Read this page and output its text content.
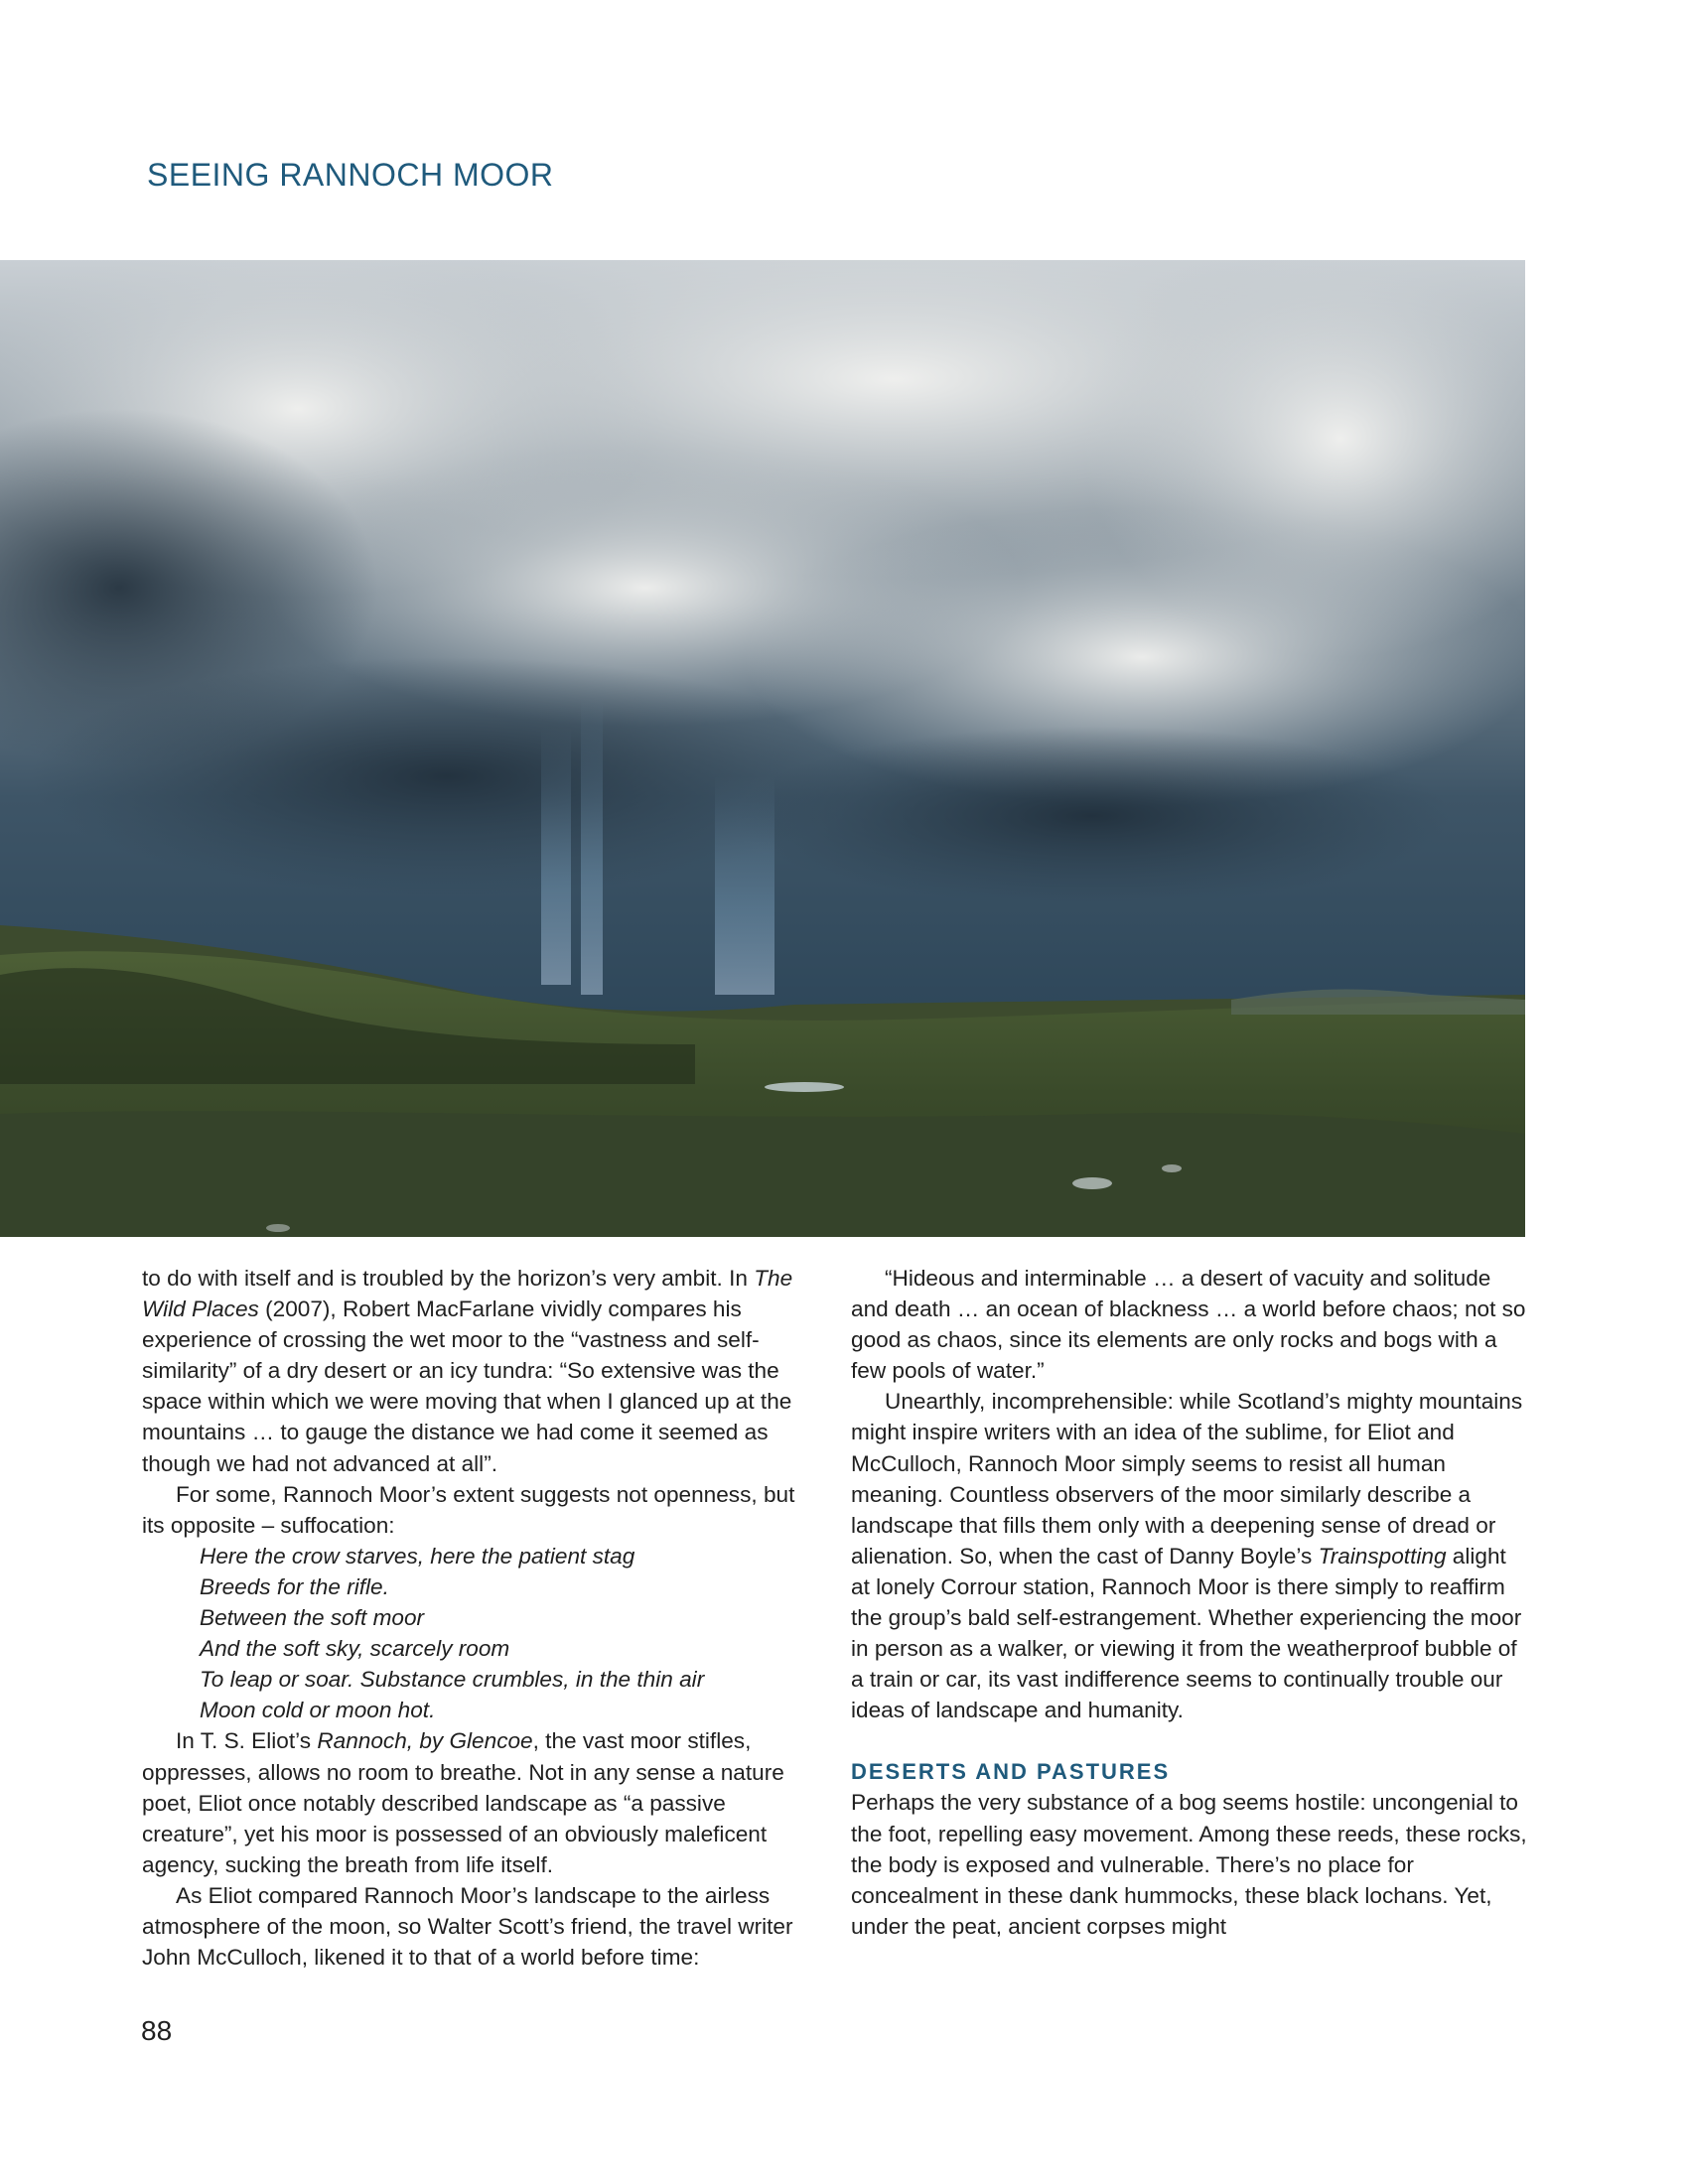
SEEING RANNOCH MOOR

to do with itself and is troubled by the horizon’s very ambit. In The Wild Places (2007), Robert MacFarlane vividly compares his experience of crossing the wet moor to the “vastness and self-similarity” of a dry desert or an icy tundra: “So extensive was the space within which we were moving that when I glanced up at the mountains … to gauge the distance we had come it seemed as though we had not advanced at all”.

For some, Rannoch Moor’s extent suggests not openness, but its opposite – suffocation:

Here the crow starves, here the patient stag
Breeds for the rifle.
Between the soft moor
And the soft sky, scarcely room
To leap or soar. Substance crumbles, in the thin air
Moon cold or moon hot.

In T. S. Eliot’s Rannoch, by Glencoe, the vast moor stifles, oppresses, allows no room to breathe. Not in any sense a nature poet, Eliot once notably described landscape as “a passive creature”, yet his moor is possessed of an obviously maleficent agency, sucking the breath from life itself.

As Eliot compared Rannoch Moor’s landscape to the airless atmosphere of the moon, so Walter Scott’s friend, the travel writer John McCulloch, likened it to that of a world before time:

“Hideous and interminable … a desert of vacuity and solitude and death … an ocean of blackness … a world before chaos; not so good as chaos, since its elements are only rocks and bogs with a few pools of water.”

Unearthly, incomprehensible: while Scotland’s mighty mountains might inspire writers with an idea of the sublime, for Eliot and McCulloch, Rannoch Moor simply seems to resist all human meaning. Countless observers of the moor similarly describe a landscape that fills them only with a deepening sense of dread or alienation. So, when the cast of Danny Boyle’s Trainspotting alight at lonely Corrour station, Rannoch Moor is there simply to reaffirm the group’s bald self-estrangement. Whether experiencing the moor in person as a walker, or viewing it from the weatherproof bubble of a train or car, its vast indifference seems to continually trouble our ideas of landscape and humanity.

DESERTS AND PASTURES

Perhaps the very substance of a bog seems hostile: uncongenial to the foot, repelling easy movement. Among these reeds, these rocks, the body is exposed and vulnerable. There’s no place for concealment in these dank hummocks, these black lochans. Yet, under the peat, ancient corpses might

88
